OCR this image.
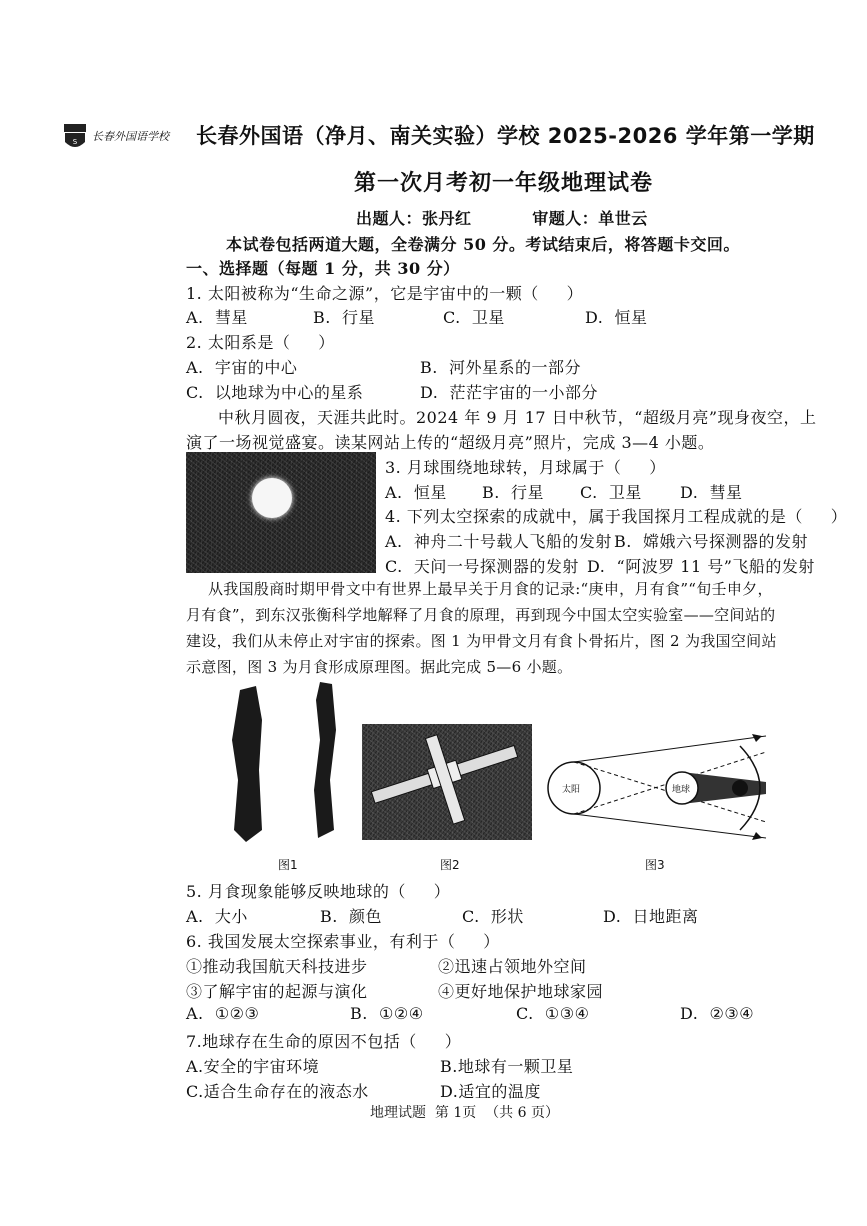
S 长春外国语学校 长春外国语（净月、南关实验）学校 2025-2026 学年第一学期
第一次月考初一年级地理试卷
出题人：张丹红          审题人：单世云
本试卷包括两道大题，全卷满分 50 分。考试结束后，将答题卡交回。
一、选择题（每题 1 分，共 30 分）
1. 太阳被称为“生命之源”，它是宇宙中的一颗（     ）
A.  彗星	B.  行星	C.  卫星	D.  恒星
2. 太阳系是（     ）
A.  宇宙的中心	B.  河外星系的一部分
C.  以地球为中心的星系	D.  茫茫宇宙的一小部分
中秋月圆夜，天涯共此时。2024 年 9 月 17 日中秋节，“超级月亮”现身夜空，上
演了一场视觉盛宴。读某网站上传的“超级月亮”照片，完成 3—4 小题。
3. 月球围绕地球转，月球属于（     ）
A.  恒星 B.  行星 C.  卫星 D.  彗星
4. 下列太空探索的成就中，属于我国探月工程成就的是（     ）
A.  神舟二十号载人飞船的发射 B.  嫦娥六号探测器的发射
C.  天问一号探测器的发射 D.  “阿波罗 11 号”飞船的发射
从我国殷商时期甲骨文中有世界上最早关于月食的记录:“庚申，月有食”“旬壬申夕，
月有食”，到东汉张衡科学地解释了月食的原理，再到现今中国太空实验室——空间站的
建设，我们从未停止对宇宙的探索。图 1 为甲骨文月有食卜骨拓片，图 2 为我国空间站
示意图，图 3 为月食形成原理图。据此完成 5—6 小题。
图1	图2
太阳	地球
图3
5. 月食现象能够反映地球的（     ）
A.  大小	B.  颜色	C.  形状	D.  日地距离
6. 我国发展太空探索事业，有利于（     ）
①推动我国航天科技进步	②迅速占领地外空间
③了解宇宙的起源与演化	④更好地保护地球家园
A.  ①②③	B.  ①②④	C.  ①③④	D.  ②③④
7.地球存在生命的原因不包括（     ）
A.安全的宇宙环境	B.地球有一颗卫星
C.适合生命存在的液态水	D.适宜的温度
地理试题  第 1页  （共 6 页）
